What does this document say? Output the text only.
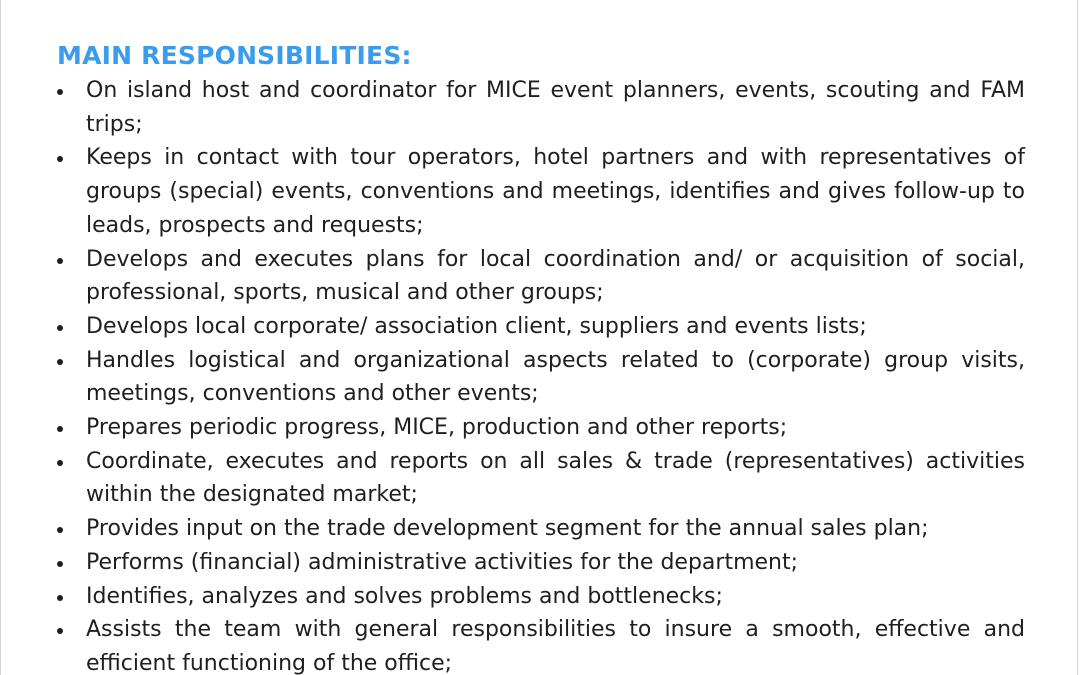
MAIN RESPONSIBILITIES:
On island host and coordinator for MICE event planners, events, scouting and FAM trips;
Keeps in contact with tour operators, hotel partners and with representatives of groups (special) events, conventions and meetings, identifies and gives follow-up to leads, prospects and requests;
Develops and executes plans for local coordination and/ or acquisition of social, professional, sports, musical and other groups;
Develops local corporate/ association client, suppliers and events lists;
Handles logistical and organizational aspects related to (corporate) group visits, meetings, conventions and other events;
Prepares periodic progress, MICE, production and other reports;
Coordinate, executes and reports on all sales & trade (representatives) activities within the designated market;
Provides input on the trade development segment for the annual sales plan;
Performs (financial) administrative activities for the department;
Identifies, analyzes and solves problems and bottlenecks;
Assists the team with general responsibilities to insure a smooth, effective and efficient functioning of the office;
